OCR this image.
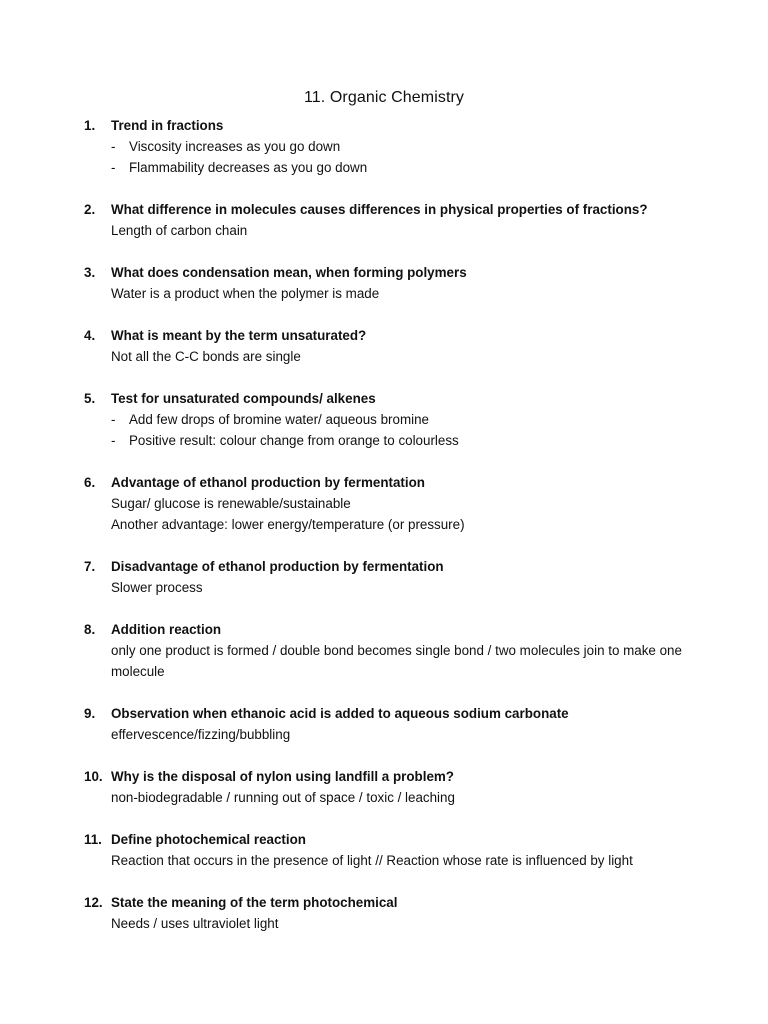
11. Organic Chemistry
1. Trend in fractions
- Viscosity increases as you go down
- Flammability decreases as you go down
2. What difference in molecules causes differences in physical properties of fractions?
Length of carbon chain
3. What does condensation mean, when forming polymers
Water is a product when the polymer is made
4. What is meant by the term unsaturated?
Not all the C-C bonds are single
5. Test for unsaturated compounds/ alkenes
- Add few drops of bromine water/ aqueous bromine
- Positive result: colour change from orange to colourless
6. Advantage of ethanol production by fermentation
Sugar/ glucose is renewable/sustainable
Another advantage: lower energy/temperature (or pressure)
7. Disadvantage of ethanol production by fermentation
Slower process
8. Addition reaction
only one product is formed / double bond becomes single bond / two molecules join to make one molecule
9. Observation when ethanoic acid is added to aqueous sodium carbonate
effervescence/fizzing/bubbling
10. Why is the disposal of nylon using landfill a problem?
non-biodegradable / running out of space / toxic / leaching
11. Define photochemical reaction
Reaction that occurs in the presence of light // Reaction whose rate is influenced by light
12. State the meaning of the term photochemical
Needs / uses ultraviolet light
